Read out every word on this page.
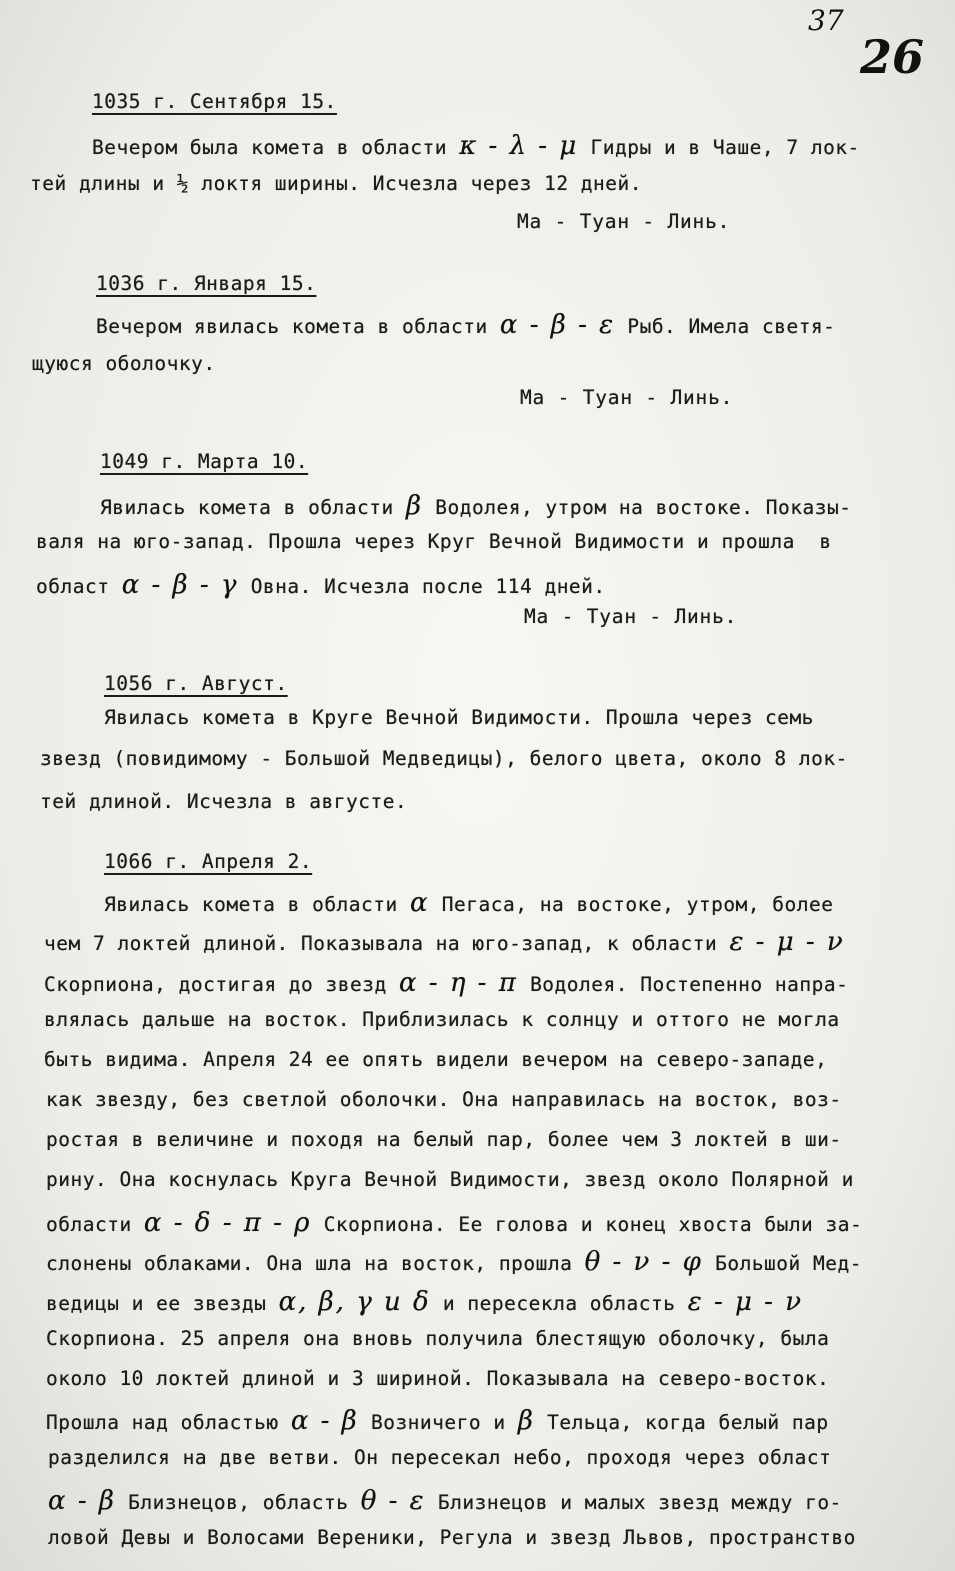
37
26
1035 г. Сентября 15.
Вечером была комета в области κ - λ - μ Гидры и в Чаше, 7 лок-
тей длины и ½ локтя ширины. Исчезла через 12 дней.
Ма - Туан - Линь.
1036 г. Января 15.
Вечером явилась комета в области α - β - ε Рыб. Имела светя-
щуюся оболочку.
Ма - Туан - Линь.
1049 г. Марта 10.
Явилась комета в области β Водолея, утром на востоке. Показы-
валя на юго-запад. Прошла через Круг Вечной Видимости и прошла  в
област α - β - γ Овна. Исчезла после 114 дней.
Ма - Туан - Линь.
1056 г. Август.
Явилась комета в Круге Вечной Видимости. Прошла через семь
звезд (повидимому - Большой Медведицы), белого цвета, около 8 лок-
тей длиной. Исчезла в августе.
1066 г. Апреля 2.
Явилась комета в области α Пегаса, на востоке, утром, более
чем 7 локтей длиной. Показывала на юго-запад, к области ε - μ - ν
Скорпиона, достигая до звезд α - η - π Водолея. Постепенно напра-
влялась дальше на восток. Приблизилась к солнцу и оттого не могла
быть видима. Апреля 24 ее опять видели вечером на северо-западе,
как звезду, без светлой оболочки. Она направилась на восток, воз-
ростая в величине и походя на белый пар, более чем 3 локтей в ши-
рину. Она коснулась Круга Вечной Видимости, звезд около Полярной и
области α - δ - π - ρ Скорпиона. Ее голова и конец хвоста были за-
слонены облаками. Она шла на восток, прошла θ - ν - φ Большой Мед-
ведицы и ее звезды α, β, γ и δ и пересекла область ε - μ - ν
Скорпиона. 25 апреля она вновь получила блестящую оболочку, была
около 10 локтей длиной и 3 шириной. Показывала на северо-восток.
Прошла над областью α - β Возничего и β Тельца, когда белый пар
разделился на две ветви. Он пересекал небо, проходя через област
α - β Близнецов, область θ - ε Близнецов и малых звезд между го-
ловой Девы и Волосами Вереники, Регула и звезд Львов, пространство
